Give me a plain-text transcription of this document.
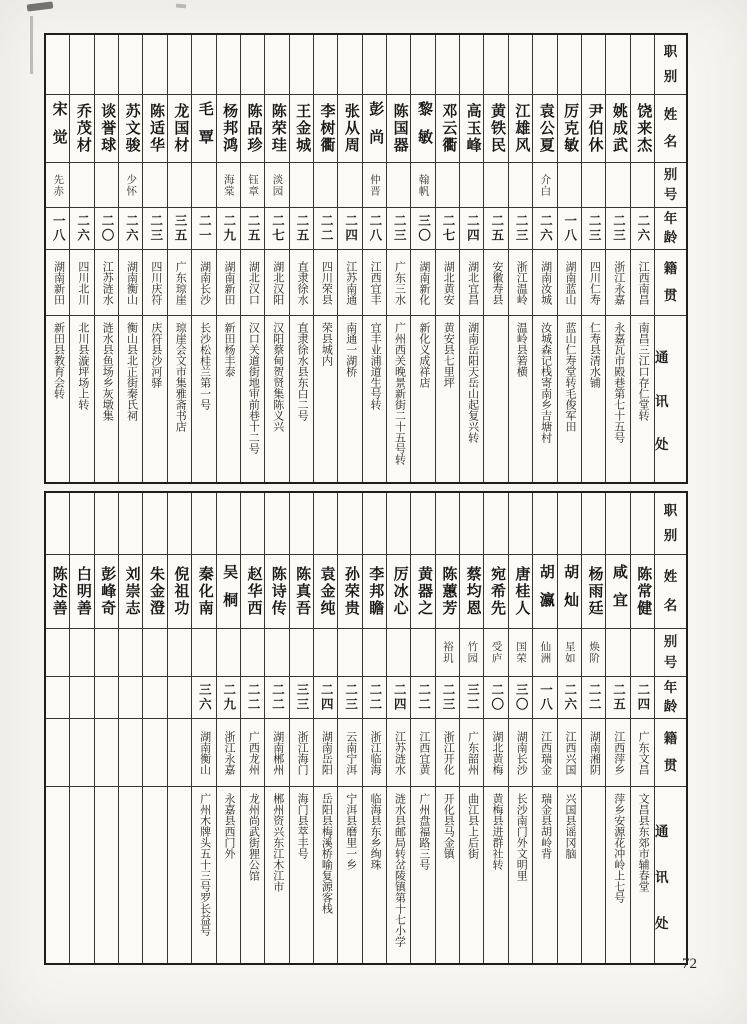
职
别
姓
名
别
号
年
龄
籍
贯
通
讯
处
饶来杰
二六
江西南昌
南昌三江口存仁堂转
姚成武
二三
浙江永嘉
永嘉瓦市殿巷第七十五号
尹伯休
二三
四川仁寿
仁寿县清水铺
厉克敏
一八
湖南蓝山
蓝山仁寿堂转毛俊军田
袁公夏
介白
二六
湖南汝城
汝城森记栈寄南乡吉塘村
江雄风
二三
浙江温岭
温岭县箬横
黄铁民
二五
安徽寿县
高玉峰
二四
湖北宜昌
湖南岳阳天岳山起复兴转
邓云衢
二七
湖北黄安
黄安县七里坪
黎敏
翰帆
三〇
湖南新化
新化义成祥店
陈国器
二三
广东三水
广州西关晚景新街二十五号转
彭尚
仲晋
二八
江西宜丰
宜丰业浦道生号转
张从周
二四
江苏南通
南通一湖桥
李树衢
二二
四川荣县
荣县城内
王金城
二五
直隶徐水
直隶徐水县东白二号
陈荣珪
淡园
二七
湖北汉阳
汉阳蔡甸贺贤集陈义兴
陈品珍
钰章
二五
湖北汉口
汉口关道街地审前巷十二号
杨邦鸿
海棠
二九
湖南新田
新田杨丰泰
毛覃
二一
湖南长沙
长沙松桂兰第一号
龙国材
三五
广东琼崖
琼崖会文市集雅斋书店
陈适华
二三
四川庆符
庆符县沙河驿
苏文骏
少怀
二六
湖南衡山
衡山县北正街秦氏祠
谈誉球
二〇
江苏涟水
涟水县鱼场乡灰墩集
乔茂材
二六
四川北川
北川县漩坪场上转
宋觉
先赤
一八
湖南新田
新田县教育会转
职
别
姓
名
别
号
年
龄
籍
贯
通
讯
处
陈常健
二四
广东文昌
文昌县东郊市辅春堂
咸宜
二五
江西萍乡
萍乡安源花冲岭上七号
杨雨廷
焕阶
二二
湖南湘阴
胡灿
星如
二六
江西兴国
兴国县谣冈脑
胡瀛
仙洲
一八
江西瑞金
瑞金县胡岭背
唐桂人
国荣
三〇
湖南长沙
长沙南门外文明里
宛希先
受庐
二〇
湖北黄梅
黄梅县进群社转
蔡均恩
竹园
三二
广东韶州
曲江县上后街
陈蕙芳
裕玑
二三
浙江开化
开化县马金镇
黄器之
二二
江西宜黄
广州盘福路三号
厉冰心
二四
江苏涟水
涟水县邮局转岔陵镇第十七小学
李邦瞻
二二
浙江临海
临海县东乡绚珠
孙荣贵
二三
云南宁洱
宁洱县磨里一乡
袁金纯
二四
湖南岳阳
岳阳县梅溪桥喻复源客栈
陈真吾
三三
浙江海门
海门县萃丰号
陈诗传
二二
湖南郴州
郴州资兴东江木江市
赵华西
二二
广西龙州
龙州尚武街狸公馆
吴桐
二九
浙江永嘉
永嘉县西门外
秦化南
三六
湖南衡山
广州木牌头五十三号罗长益号
倪祖功
朱金澄
刘崇志
彭峰奇
白明善
陈述善
72
